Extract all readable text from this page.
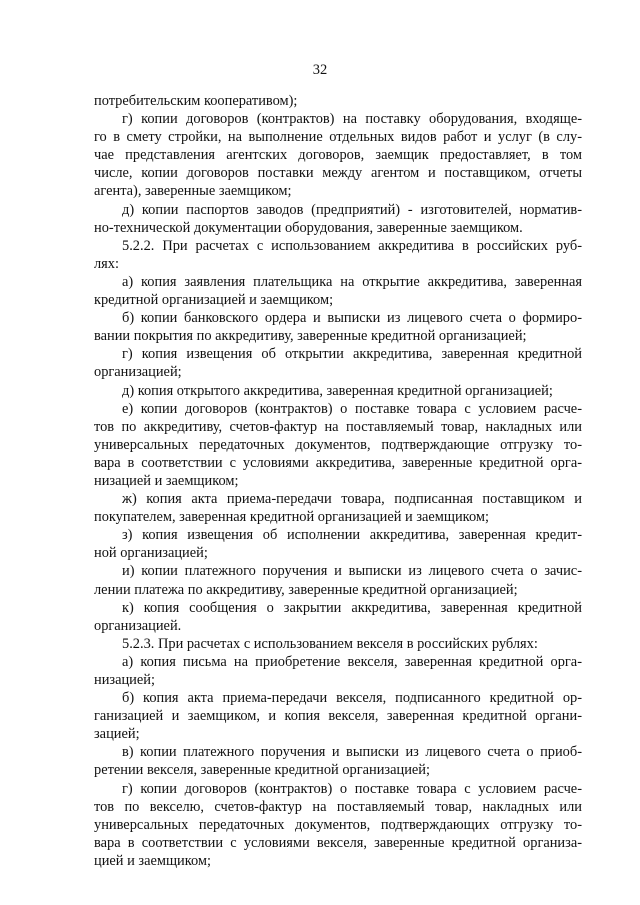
32
потребительским кооперативом);
г) копии договоров (контрактов) на поставку оборудования, входяще-
го в смету стройки, на выполнение отдельных видов работ и услуг (в слу-
чае представления агентских договоров, заемщик предоставляет, в том
числе, копии договоров поставки между агентом и поставщиком, отчеты
агента), заверенные заемщиком;
д) копии паспортов заводов (предприятий) - изготовителей, норматив-
но-технической документации оборудования, заверенные заемщиком.
5.2.2. При расчетах с использованием аккредитива в российских руб-
лях:
а) копия заявления плательщика на открытие аккредитива, заверенная
кредитной организацией и заемщиком;
б) копии банковского ордера и выписки из лицевого счета о формиро-
вании покрытия по аккредитиву, заверенные кредитной организацией;
г) копия извещения об открытии аккредитива, заверенная кредитной
организацией;
д) копия открытого аккредитива, заверенная кредитной организацией;
е) копии договоров (контрактов) о поставке товара с условием расче-
тов по аккредитиву, счетов-фактур на поставляемый товар, накладных или
универсальных передаточных документов, подтверждающие отгрузку то-
вара в соответствии с условиями аккредитива, заверенные кредитной орга-
низацией и заемщиком;
ж) копия акта приема-передачи товара, подписанная поставщиком и
покупателем, заверенная кредитной организацией и заемщиком;
з) копия извещения об исполнении аккредитива, заверенная кредит-
ной организацией;
и) копии платежного поручения и выписки из лицевого счета о зачис-
лении платежа по аккредитиву, заверенные кредитной организацией;
к) копия сообщения о закрытии аккредитива, заверенная кредитной
организацией.
5.2.3. При расчетах с использованием векселя в российских рублях:
а) копия письма на приобретение векселя, заверенная кредитной орга-
низацией;
б) копия акта приема-передачи векселя, подписанного кредитной ор-
ганизацией и заемщиком, и копия векселя, заверенная кредитной органи-
зацией;
в) копии платежного поручения и выписки из лицевого счета о приоб-
ретении векселя, заверенные кредитной организацией;
г) копии договоров (контрактов) о поставке товара с условием расче-
тов по векселю, счетов-фактур на поставляемый товар, накладных или
универсальных передаточных документов, подтверждающих отгрузку то-
вара в соответствии с условиями векселя, заверенные кредитной организа-
цией и заемщиком;
